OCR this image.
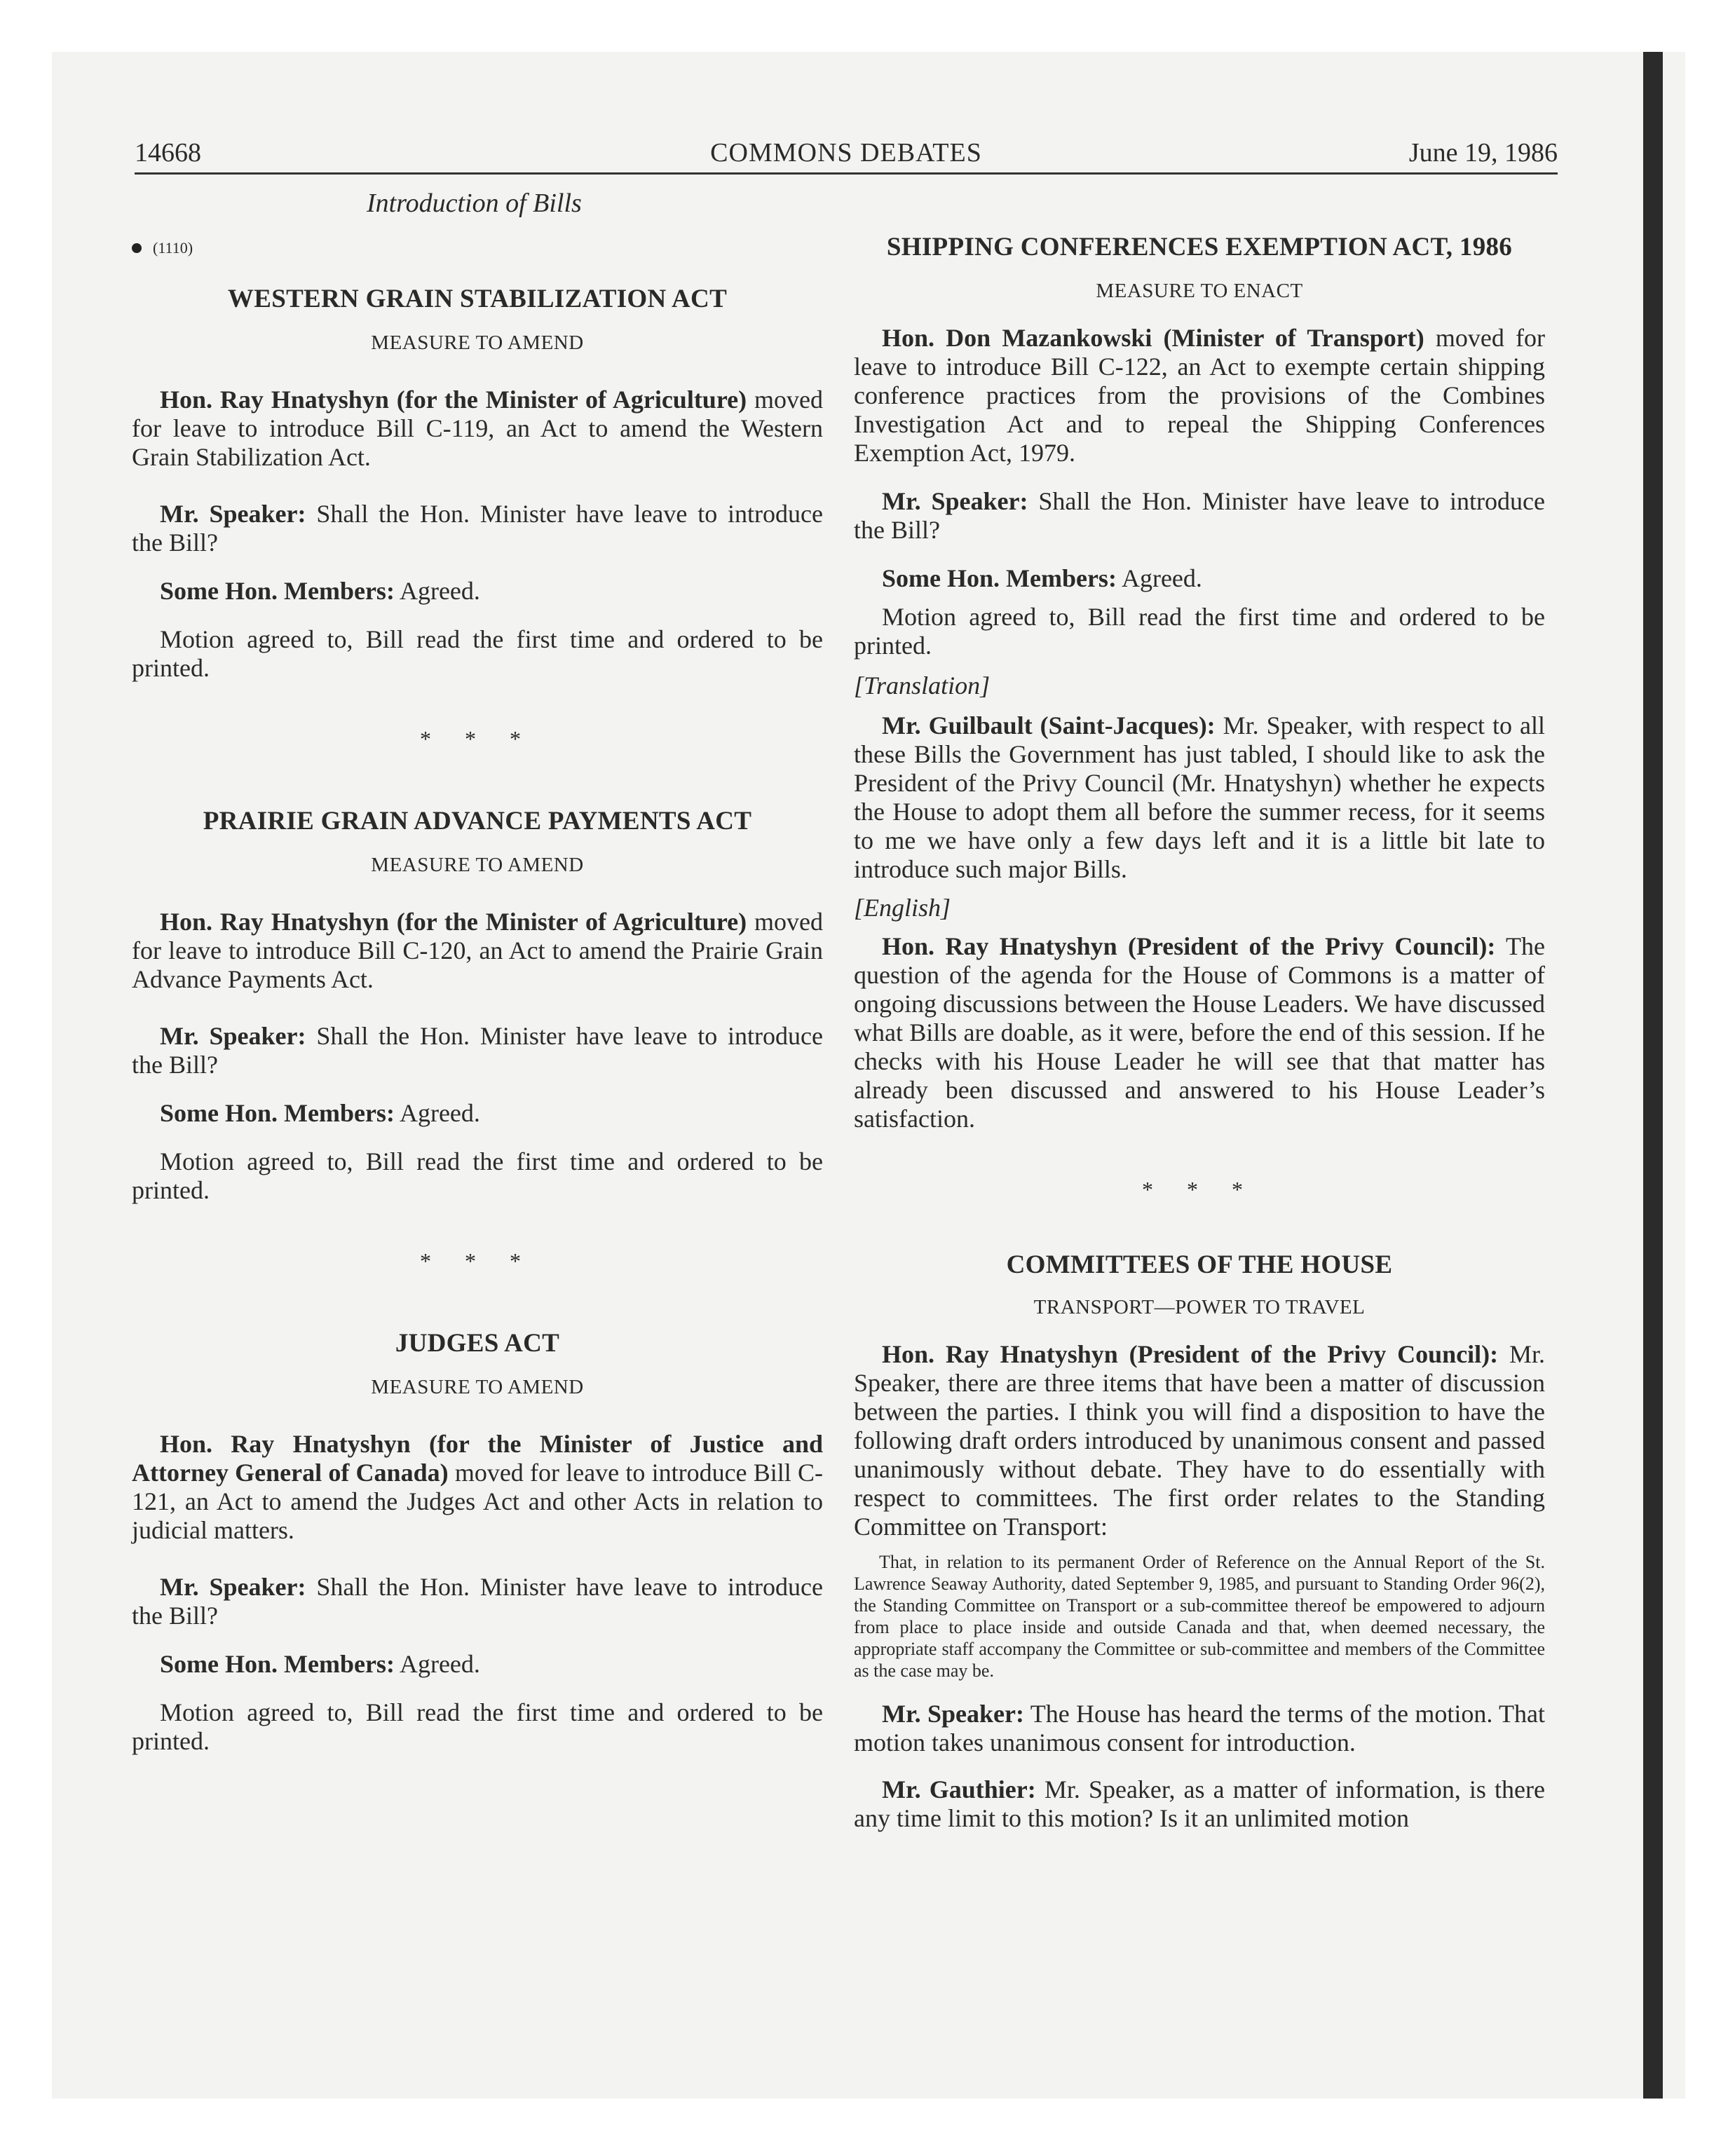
14668	COMMONS DEBATES	June 19, 1986
Introduction of Bills
(1110)
WESTERN GRAIN STABILIZATION ACT
MEASURE TO AMEND

Hon. Ray Hnatyshyn (for the Minister of Agriculture) moved for leave to introduce Bill C-119, an Act to amend the Western Grain Stabilization Act.

Mr. Speaker: Shall the Hon. Minister have leave to introduce the Bill?

Some Hon. Members: Agreed.

Motion agreed to, Bill read the first time and ordered to be printed.

* * *
PRAIRIE GRAIN ADVANCE PAYMENTS ACT
MEASURE TO AMEND

Hon. Ray Hnatyshyn (for the Minister of Agriculture) moved for leave to introduce Bill C-120, an Act to amend the Prairie Grain Advance Payments Act.

Mr. Speaker: Shall the Hon. Minister have leave to introduce the Bill?

Some Hon. Members: Agreed.

Motion agreed to, Bill read the first time and ordered to be printed.

* * *
JUDGES ACT
MEASURE TO AMEND

Hon. Ray Hnatyshyn (for the Minister of Justice and Attorney General of Canada) moved for leave to introduce Bill C-121, an Act to amend the Judges Act and other Acts in relation to judicial matters.

Mr. Speaker: Shall the Hon. Minister have leave to introduce the Bill?

Some Hon. Members: Agreed.

Motion agreed to, Bill read the first time and ordered to be printed.

SHIPPING CONFERENCES EXEMPTION ACT, 1986
MEASURE TO ENACT

Hon. Don Mazankowski (Minister of Transport) moved for leave to introduce Bill C-122, an Act to exempte certain shipping conference practices from the provisions of the Combines Investigation Act and to repeal the Shipping Conferences Exemption Act, 1979.

Mr. Speaker: Shall the Hon. Minister have leave to introduce the Bill?

Some Hon. Members: Agreed.

Motion agreed to, Bill read the first time and ordered to be printed.

[Translation]

Mr. Guilbault (Saint-Jacques): Mr. Speaker, with respect to all these Bills the Government has just tabled, I should like to ask the President of the Privy Council (Mr. Hnatyshyn) whether he expects the House to adopt them all before the summer recess, for it seems to me we have only a few days left and it is a little bit late to introduce such major Bills.

[English]

Hon. Ray Hnatyshyn (President of the Privy Council): The question of the agenda for the House of Commons is a matter of ongoing discussions between the House Leaders. We have discussed what Bills are doable, as it were, before the end of this session. If he checks with his House Leader he will see that that matter has already been discussed and answered to his House Leader’s satisfaction.

* * *
COMMITTEES OF THE HOUSE
TRANSPORT—POWER TO TRAVEL

Hon. Ray Hnatyshyn (President of the Privy Council): Mr. Speaker, there are three items that have been a matter of discussion between the parties. I think you will find a disposition to have the following draft orders introduced by unanimous consent and passed unanimously without debate. They have to do essentially with respect to committees. The first order relates to the Standing Committee on Transport:

That, in relation to its permanent Order of Reference on the Annual Report of the St. Lawrence Seaway Authority, dated September 9, 1985, and pursuant to Standing Order 96(2), the Standing Committee on Transport or a sub-committee thereof be empowered to adjourn from place to place inside and outside Canada and that, when deemed necessary, the appropriate staff accompany the Committee or sub-committee and members of the Committee as the case may be.

Mr. Speaker: The House has heard the terms of the motion. That motion takes unanimous consent for introduction.

Mr. Gauthier: Mr. Speaker, as a matter of information, is there any time limit to this motion? Is it an unlimited motion
